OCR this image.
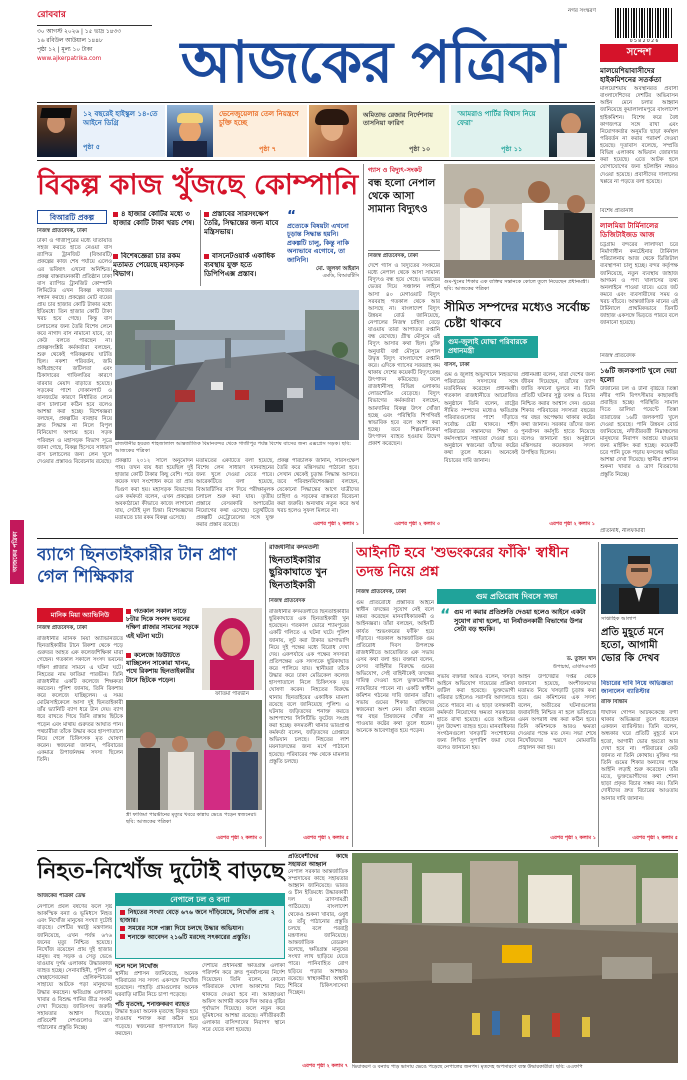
রোববার
৩০ আগস্ট ২০২৬ | ১৫ ভাদ্র ১৪৩৩
১৬ রবিউল আউয়াল ১৪৪৮
পৃষ্ঠা ১২ | মূল্য ১০ টাকা
www.ajkerpatrika.com	আজকের পত্রিকা
নগর সংস্করণ
0 5 8 2 0 2 6
১২ বছরেই হাইস্কুল ১৪-তে আইনে ডিগ্রি
পৃষ্ঠা ৫
ভেনেজুয়েলার তেল নিয়ন্ত্রণে চুক্তি হচ্ছে
পৃষ্ঠা ৭
অমিতাভ রেজার নির্দেশনায় তাসনিয়া ফারিণ
পৃষ্ঠা ১০
'আমরাও পার্টির বিশ্বাস নিয়ে ফেরা'
পৃষ্ঠা ১১
সন্দেশ
মালয়েশিয়াবাসীদের হাইকমিশনের সতর্কতা
মালয়েশিয়ায় অবস্থানরত প্রবাসী বাংলাদেশিদের দেশটির অভিবাসন আইন মেনে চলার আহ্বান জানিয়েছে কুয়ালালামপুরে বাংলাদেশ হাইকমিশন। বিশেষ করে বৈধ কাগজপত্র সঙ্গে রাখা এবং নিয়োগকর্তার অনুমতি ছাড়া কর্মস্থল পরিবর্তন না করার পরামর্শ দেওয়া হয়েছে। দূতাবাস বলেছে, সম্প্রতি বিভিন্ন এলাকায় অভিযান জোরদার করা হয়েছে। এতে আটক হলে যোগাযোগের জন্য হটলাইন নম্বরও দেওয়া হয়েছে। প্রবাসীদের দালালের খপ্পরে না পড়তে বলা হয়েছে।
বিশেষ প্রতিনিধি
লালমিয়া টার্মিনালের ডিজিটাইজড আজ
চট্টগ্রাম বন্দরের লালদিয়া চরে নির্মাণাধীন কনটেইনার টার্মিনাল পরিচালনায় আজ থেকে ডিজিটাল ব্যবস্থাপনা চালু হচ্ছে। বন্দর কর্তৃপক্ষ জানিয়েছে, নতুন ব্যবস্থায় জাহাজ আগমন ও পণ্য খালাসের তথ্য অনলাইনে পাওয়া যাবে। এতে জট কমবে এবং ব্যবসায়ীদের সময় ও খরচ বাঁচবে। আন্তর্জাতিক মানের এই টার্মিনালে প্রাথমিকভাবে তিনটি জাহাজ একসঙ্গে ভিড়তে পারবে বলে জানানো হয়েছে।
নিজস্ব প্রতিবেদক
১৬টি জলকপাট খুলে দেয়া হলো
উজানের ঢল ও টানা বৃষ্টিতে তিস্তা নদীর পানি বিপৎসীমার কাছাকাছি প্রবাহিত হচ্ছে। পরিস্থিতি সামাল দিতে ডালিয়া পয়েন্টে তিস্তা ব্যারাজের ১৬টি জলকপাট খুলে দেওয়া হয়েছে। পানি উন্নয়ন বোর্ড জানিয়েছে, নদীতীরবর্তী নিম্নাঞ্চলের মানুষদের নিরাপদ আশ্রয়ে যাওয়ার জন্য মাইকিং করা হচ্ছে। কয়েকটি চরে পানি ঢুকে পড়ায় ফসলের ক্ষতির আশঙ্কা দেখা দিয়েছে। স্থানীয় প্রশাসন শুকনা খাবার ও ত্রাণ বিতরণের প্রস্তুতি নিচ্ছে।
প্রতিনিধি, নীলফামারী
আজকের পত্রিকা
বিকল্প কাজ খুঁজছে কোম্পানি
বিআরটি প্রকল্প
নিজস্ব প্রতিবেদক, ঢাকা
৪ হাজার কোটির মধ্যে ৩ হাজার কোটি টাকা খরচ শেষ।
বিশেষজ্ঞেরা চার রকম মতামত পেয়েছে মহাসড়ক বিভাগ।
প্রস্তাবের সারসংক্ষেপ তৈরি, সিদ্ধান্তের জন্য যাবে মন্ত্রিসভায়।
বাসনেটওয়ার্ক একাধিক ব্যবস্থায় যুক্ত হতে ডিপিপিএক্স প্রস্তাব।
“
প্রত্যেকে বিষয়টা এখনো চূড়ান্ত সিদ্ধান্ত হয়নি। প্রকল্পটি চালু, কিন্তু নাকি অন্যভাবে এগোবে, তা জানিনি।
মো. জুলফা আইরান
এমডি, বিআরটিসি
ঢাকা ও গাজীপুরের মধ্যে যাতায়াত সহজ করতে হাতে নেওয়া বাস র‍্যাপিড ট্রানজিট (বিআরটি) প্রকল্পের কাজ শেষ পর্যায়ে এলেও এর ভবিষ্যৎ এখনো অনিশ্চিত। প্রকল্প বাস্তবায়নকারী প্রতিষ্ঠান ঢাকা বাস র‍্যাপিড ট্রানজিট কোম্পানি লিমিটেড এখন বিকল্প কাজের সন্ধান করছে। প্রকল্পের মোট ব্যয়ের প্রায় চার হাজার কোটি টাকার মধ্যে ইতিমধ্যে তিন হাজার কোটি টাকা খরচ হয়ে গেছে। কিন্তু বাস চলাচলের জন্য তৈরি বিশেষ লেনে কবে নাগাদ বাস নামানো যাবে, তা কেউ বলতে পারছেন না। প্রকল্পসংশ্লিষ্ট কর্মকর্তারা বলছেন, শুরু থেকেই পরিকল্পনায় ঘাটতি ছিল। নকশা পরিবর্তন, জমি অধিগ্রহণের জটিলতা এবং ঠিকাদারের গাফিলতির কারণে বারবার মেয়াদ বাড়াতে হয়েছে। সড়কের পাশে দোকানপাট ও যানজটের কারণে নির্ধারিত লেনে বাস চালানো কঠিন হবে বলেও আশঙ্কা করা হচ্ছে। বিশেষজ্ঞরা বলছেন, প্রকল্পটির ব্যবহার নিয়ে দ্রুত সিদ্ধান্ত না নিলে বিপুল বিনিয়োগ অপচয় হবে। সড়ক পরিবহন ও মহাসড়ক বিভাগ সূত্রে জানা গেছে, বিকল্প হিসেবে সাধারণ বাস চলাচলের জন্য লেন খুলে দেওয়ার প্রস্তাবও বিবেচনায় রয়েছে।
রাজধানীর হযরত শাহজালাল আন্তর্জাতিক বিমানবন্দর থেকে গাজীপুর পর্যন্ত বিশেষ বাসের জন্য এক্সপ্রেস সড়ক। ছবি: আজকের পত্রিকা
প্রকল্পটি ২০১২ সালে অনুমোদন পায়। তখন ব্যয় ধরা হয়েছিল দুই হাজার কোটি টাকার কিছু বেশি। পরে কয়েক দফা সংশোধন করে তা প্রায় দ্বিগুণ করা হয়। মহাসড়ক বিভাগের এক কর্মকর্তা বলেন, এখন প্রকল্পের অবকাঠামো কীভাবে কাজে লাগানো যায়, সেটাই মূল চিন্তা। বিশেষজ্ঞদের মতামতে চার রকম বিকল্প এসেছে।
মতামতের একটিতে বলা হয়েছে, বিশেষ লেন সাধারণ যানবাহনের জন্য খুলে দেওয়া যেতে পারে। আরেকটিতে বলা হয়েছে, বিআরটিসির বাস দিয়ে পরীক্ষামূলক চলাচল শুরু করা যায়। তৃতীয় প্রস্তাবে বেসরকারি অপারেটর নিয়োগের কথা এসেছে। চতুর্থটিতে প্রকল্পটি মেট্রোরেলের সঙ্গে যুক্ত করার প্রস্তাব রয়েছে।
প্রকল্প পরিচালক জানান, সারসংক্ষেপ তৈরি করে মন্ত্রিসভায় পাঠানো হবে। সেখান থেকেই চূড়ান্ত সিদ্ধান্ত আসবে। তবে পরিবহনবিশেষজ্ঞরা বলছেন, যেকোনো সিদ্ধান্তের আগে যাত্রীদের চাহিদা ও সড়কের বাস্তবতা বিবেচনা করা জরুরি। অন্যথায় নতুন করে অর্থ খরচ হলেও সুফল মিলবে না।
এরপর পৃষ্ঠা ২ কলাম ১
গ্যাস ও বিদ্যুৎ-সংকট
বন্ধ হলো নেপাল থেকে আসা সামান্য বিদ্যুৎও
নিজস্ব প্রতিবেদক, ঢাকা
দেশে গ্যাস ও বিদ্যুতের সংকটের মধ্যে নেপাল থেকে আসা সামান্য বিদ্যুৎও বন্ধ হয়ে গেছে। ভারতের ভেতর দিয়ে সঞ্চালন লাইনে আসা ৪০ মেগাওয়াট বিদ্যুৎ সরবরাহ গতকাল থেকে আর আসছে না। বাংলাদেশ বিদ্যুৎ উন্নয়ন বোর্ড জানিয়েছে, নেপালের নিজস্ব চাহিদা বেড়ে যাওয়ায় তারা আপাতত রপ্তানি বন্ধ রেখেছে। গ্রীষ্ম মৌসুমে এই বিদ্যুৎ আসার কথা ছিল। চুক্তি অনুযায়ী বর্ষা মৌসুমে নেপাল উদ্বৃত্ত বিদ্যুৎ বাংলাদেশে রপ্তানি করে। এদিকে গ্যাসের সরবরাহ কম থাকায় দেশের কয়েকটি বিদ্যুৎকেন্দ্র উৎপাদন কমিয়েছে। ফলে রাজধানীসহ বিভিন্ন এলাকায় লোডশেডিং বেড়েছে। বিদ্যুৎ বিভাগের কর্মকর্তারা বলছেন, আমদানির বিকল্প উৎস খোঁজা হচ্ছে এবং পরিস্থিতি শিগগিরই স্বাভাবিক হবে বলে আশা করা হচ্ছে। তবে শিল্পমালিকেরা উৎপাদন ব্যাহত হওয়ায় উদ্বেগ প্রকাশ করেছেন।
এরপর পৃষ্ঠা ২ কলাম ৩
গুম-খুনের শিকার এক ব্যক্তির সন্তানকে কোলে তুলে নিয়েছেন প্রধানমন্ত্রী। ছবি: আজকের পত্রিকা
সীমিত সম্পদের মধ্যেও সর্বোচ্চ চেষ্টা থাকবে
গুম-জুলাই যোদ্ধা পরিবারকে প্রধানমন্ত্রী
বাসস, ঢাকা
গুম ও জুলাই অভ্যুত্থানে নিহতদের পরিবারের সদস্যদের সঙ্গে মতবিনিময় করেছেন প্রধানমন্ত্রী। গতকাল রাজধানীতে আয়োজিত অনুষ্ঠানে তিনি বলেন, রাষ্ট্রের সীমিত সম্পদের মধ্যেও ক্ষতিগ্রস্ত পরিবারগুলোর পাশে দাঁড়াতে সর্বোচ্চ চেষ্টা থাকবে। শহীদ পরিবারের সন্তানদের শিক্ষা ও কর্মসংস্থানে সহায়তা দেওয়া হবে। অনুষ্ঠানে স্বজনেরা তাঁদের কষ্টের কথা তুলে ধরেন। অনেকেই বিচারের দাবি জানান।
প্রধানমন্ত্রী বলেন, যাঁরা দেশের জন্য জীবন দিয়েছেন, তাঁদের ত্যাগ জাতি কখনো ভুলবে না। তিনি প্রতিটি ঘটনার সুষ্ঠু তদন্ত ও বিচার নিশ্চিত করার আশ্বাস দেন। গুমের শিকার পরিবারের সদস্যরা বছরের পর বছর অপেক্ষায় থাকার কষ্টের কথা জানান। সরকার তাঁদের জন্য পুনর্বাসন কর্মসূচি হাতে নিয়েছে বলেও জানানো হয়। অনুষ্ঠানে মন্ত্রিসভার কয়েকজন সদস্য উপস্থিত ছিলেন।
এরপর পৃষ্ঠা ২ কলাম ১
ব্যাগে ছিনতাইকারীর টান প্রাণ গেল শিক্ষিকার
মানিক মিয়া অ্যাভিনিউ
নিজস্ব প্রতিবেদক, ঢাকা
রাজধানীর মানিক মিয়া অ্যাভিনিউতে ছিনতাইকারীর টানে রিকশা থেকে পড়ে গুরুতর আহত এক কলেজশিক্ষিকা মারা গেছেন। গতকাল সকালে সংসদ ভবনের দক্ষিণ প্লাজার সামনে এ ঘটনা ঘটে। নিহতের নাম ফাতিমা পারভীন। তিনি রাজধানীর একটি কলেজে শিক্ষকতা করতেন। পুলিশ জানায়, তিনি রিকশায় করে কলেজে যাচ্ছিলেন। এ সময় মোটরসাইকেলে আসা দুই ছিনতাইকারী তাঁর ভ্যানিটি ব্যাগ ধরে টান দেয়। ব্যাগ ধরে রাখতে গিয়ে তিনি রাস্তায় ছিটকে পড়েন এবং মাথায় গুরুতর আঘাত পান। পথচারীরা তাঁকে উদ্ধার করে হাসপাতালে নিয়ে গেলে চিকিৎসক মৃত ঘোষণা করেন। স্বজনেরা জানান, পরিবারের একমাত্র উপার্জনক্ষম সদস্য ছিলেন তিনি।
গতকাল সকাল সাড়ে ৮টার দিকে সংসদ ভবনের দক্ষিণ প্লাজার সামনের সড়কে এই ঘটনা ঘটে।
কলেজে ডিউটিতে যাচ্ছিলেন সাকোরা খানম, পথে রিকশায় ছিনতাইকারীর টানে ছিটকে পড়েন।
ফাতিমা পারভীন
স্ত্রী ফাতিমা পারভীনের মৃত্যুর খবরে কান্নায় ভেঙে পড়েন স্বজনেরা। ছবি: আজকের পত্রিকা
এরপর পৃষ্ঠা ২ কলাম ৩
রাজধানীর কদমতলী
ছিনতাইকারীর ছুরিকাঘাতে খুন ছিনতাইকারী
নিজস্ব প্রতিবেদক
রাজধানীর কদমতলীতে ছিনতাইকারীর ছুরিকাঘাতে এক ছিনতাইকারী খুন হয়েছেন। গতকাল ভোরে শ্যামপুরের একটি গলিতে এ ঘটনা ঘটে। পুলিশ জানায়, লুট করা টাকার ভাগাভাগি নিয়ে দুই পক্ষের মধ্যে বিরোধ দেখা দেয়। একপর্যায়ে এক পক্ষের সদস্যরা প্রতিপক্ষের এক সদস্যকে ছুরিকাঘাত করে পালিয়ে যায়। স্থানীয়রা তাঁকে উদ্ধার করে ঢাকা মেডিকেল কলেজ হাসপাতালে নিলে চিকিৎসক মৃত ঘোষণা করেন। নিহতের বিরুদ্ধে থানায় ছিনতাইয়ের একাধিক মামলা রয়েছে বলে জানিয়েছে পুলিশ। এ ঘটনায় জড়িতদের শনাক্ত করতে আশপাশের সিসিটিভি ফুটেজ সংগ্রহ করা হচ্ছে। কদমতলী থানার ভারপ্রাপ্ত কর্মকর্তা বলেন, জড়িতদের গ্রেপ্তারে অভিযান চলছে। নিহতের লাশ ময়নাতদন্তের জন্য মর্গে পাঠানো হয়েছে। পরিবারের পক্ষ থেকে মামলার প্রস্তুতি চলছে।
এরপর পৃষ্ঠা ২ কলাম ৫
আইনটি হবে 'শুভংকরের ফাঁকি' স্বাধীন তদন্ত নিয়ে প্রশ্ন
নিজস্ব প্রতিবেদক, ঢাকা
গুম প্রতিরোধে প্রস্তাবিত আইনে স্বাধীন তদন্তের সুযোগ নেই বলে মন্তব্য করেছেন মানবাধিকারকর্মী ও আইনজ্ঞরা। তাঁরা বলছেন, আইনটি কার্যত 'শুভংকরের ফাঁকি' হয়ে দাঁড়াবে। গতকাল আন্তর্জাতিক গুম প্রতিরোধ দিবস উপলক্ষে রাজধানীতে আয়োজিত এক সভায় এসব কথা বলা হয়। বক্তারা বলেন, যেসব বাহিনীর বিরুদ্ধে গুমের অভিযোগ, সেই বাহিনীকেই তদন্তের দায়িত্ব দেওয়া হলে ভুক্তভোগীরা ন্যায়বিচার পাবেন না। একটি স্বাধীন কমিশন গঠনের দাবি জানান তাঁরা। সভায় গুমের শিকার ব্যক্তিদের স্বজনেরা অংশ নেন। তাঁরা বছরের পর বছর প্রিয়জনের খোঁজ না পাওয়ার কষ্টের কথা তুলে ধরেন। অনেকে আবেগাপ্লুত হয়ে পড়েন।
গুম প্রতিরোধ দিবসে সভা
“ গুম না করার প্রতিশ্রুতি দেওয়া হলেও আইনে একটা সুযোগ রাখা হলো, যা নির্যাতনকারী বিভাগের উপর সেটা বড় হুমকি।
ড. তুহিন খান
উপাচার্য, এবিসিএসটি
সভায় বক্তারা আরও বলেন, খসড়া আইনে অভিযোগ দায়েরের প্রক্রিয়া জটিল করা হয়েছে। ভুক্তভোগী পরিবার চাইলেও সরাসরি আদালতে যেতে পারবে না। এ ছাড়া তদন্তকারী কর্মকর্তা নিয়োগের ক্ষমতা সরকারের হাতে রাখা হয়েছে। এতে আইনের মূল উদ্দেশ্য ব্যাহত হবে। মানবাধিকার সংগঠনগুলো খসড়াটি সংশোধনের জন্য লিখিত সুপারিশ জমা দেবে বলেও জানানো হয়।
আইন উপদেষ্টার দপ্তর থেকে জানানো হয়েছে, অংশীজনদের মতামত নিয়ে খসড়াটি চূড়ান্ত করা হবে। গুম কমিশনের এক সদস্য বলেন, অতীতের ঘটনাগুলোর জবাবদিহি নিশ্চিত না হলে ভবিষ্যতে এমন অপরাধ বন্ধ করা কঠিন হবে। তিনি কমিশনকে আরও ক্ষমতা দেওয়ার পক্ষে মত দেন। সভা শেষে নিখোঁজদের স্মরণে মোমবাতি প্রজ্বালন করা হয়।
এরপর পৃষ্ঠা ২ কলাম ১
সাপ্তাহিক আলাপ
প্রতি মুহূর্তে মনে হতো, আগামী ভোর কি দেখব
বিচারের দাবি নিয়ে অভিজ্ঞতা জানালেন ব্যারিস্টার
রাফি বিন্তিমি
দীর্ঘদিন গোপন আটককেন্দ্রে বন্দী থাকার অভিজ্ঞতা তুলে ধরেছেন একজন ব্যারিস্টার। তিনি বলেন, অন্ধকার ঘরে প্রতিটি মুহূর্তে মনে হতো, আগামী ভোর হয়তো আর দেখা হবে না। পরিবারের কেউ জানত না তিনি কোথায়। মুক্তির পর তিনি গুমের শিকার অন্যদের পক্ষে আইনি লড়াই শুরু করেছেন। তাঁর মতে, ভুক্তভোগীদের কথা শোনা ছাড়া প্রকৃত বিচার সম্ভব নয়। তিনি দোষীদের দ্রুত বিচারের আওতায় আনার দাবি জানান।
এরপর পৃষ্ঠা ২ কলাম ৫
নিহত-নিখোঁজ দুটোই বাড়ছে
আজকের পত্রিকা ডেস্ক
নেপালে প্রবল বর্ষণের ফলে সৃষ্ট আকস্মিক বন্যা ও ভূমিধসে নিহত এবং নিখোঁজ মানুষের সংখ্যা দুটোই বাড়ছে। দেশটির স্বরাষ্ট্র মন্ত্রণালয় জানিয়েছে, এখন পর্যন্ত ৬৭৬ জনের মৃত্যু নিশ্চিত হয়েছে। নিখোঁজ রয়েছেন প্রায় দুই হাজার মানুষ। বহু সড়ক ও সেতু ভেঙে যাওয়ায় দুর্গম এলাকায় উদ্ধারকাজ ব্যাহত হচ্ছে। সেনাবাহিনী, পুলিশ ও স্বেচ্ছাসেবকেরা হেলিকপ্টারের সাহায্যে আটকে পড়া মানুষদের উদ্ধার করছেন। ক্ষতিগ্রস্ত এলাকায় খাবার ও বিশুদ্ধ পানির তীব্র সংকট দেখা দিয়েছে। জাতিসংঘ জরুরি সহায়তার আশ্বাস দিয়েছে। প্রতিবেশী দেশগুলোও ত্রাণ পাঠানোর প্রস্তুতি নিচ্ছে।
নেপালে ঢল ও বন্যা
নিহতের সংখ্যা বেড়ে ৬৭৬ জনে দাঁড়িয়েছে, নিখোঁজ প্রায় ২ হাজার।
সময়ের সঙ্গে পাল্লা দিয়ে চলছে উদ্ধার অভিযান।
শনাক্তে আবেদন ২১৬টি মরদেহ সৎকারের প্রস্তুতি।
দলে দলে নিখোঁজ
স্থানীয় প্রশাসন জানিয়েছে, অনেক পরিবারের সব সদস্য একসঙ্গে নিখোঁজ হয়েছেন। পাহাড়ি গ্রামগুলোর অনেক ঘরবাড়ি মাটির নিচে চাপা পড়েছে।
পাঁচ মৃতদেহ, শনাক্তকরণ ব্যাহত
উদ্ধার হওয়া অনেক মৃতদেহ বিকৃত হয়ে যাওয়ায় শনাক্ত করা কঠিন হয়ে পড়েছে। স্বজনেরা হাসপাতালে ভিড় করছেন।
দেশটির প্রধানমন্ত্রী ক্ষতিগ্রস্ত এলাকা পরিদর্শন করে দ্রুত পুনর্বাসনের নির্দেশ দিয়েছেন। তিনি বলেন, কোনো পরিবারকে খোলা আকাশের নিচে থাকতে দেওয়া হবে না। আবহাওয়া অফিস আগামী কয়েক দিন আরও বৃষ্টির পূর্বাভাস দিয়েছে। ফলে নতুন করে ভূমিধসের আশঙ্কা রয়েছে। নদীতীরবর্তী এলাকার বাসিন্দাদের নিরাপদ স্থানে সরে যেতে বলা হয়েছে।
প্রতিবেশীদের কাছে সহায়তা আহ্বান
নেপাল সরকার আন্তর্জাতিক সম্প্রদায়ের কাছে সহায়তার আহ্বান জানিয়েছে। ভারত ও চীন ইতিমধ্যে উদ্ধারকারী দল ও ত্রাণসামগ্রী পাঠিয়েছে। বাংলাদেশ থেকেও শুকনা খাবার, ওষুধ ও তাঁবু পাঠানোর প্রস্তুতি চলছে বলে পররাষ্ট্র মন্ত্রণালয় জানিয়েছে। আন্তর্জাতিক রেডক্রস বলেছে, ক্ষতিগ্রস্ত মানুষের সংখ্যা লাখ ছাড়িয়ে যেতে পারে। পানিবাহিত রোগ ছড়িয়ে পড়ার আশঙ্কাও রয়েছে। স্বাস্থ্যকর্মীরা অস্থায়ী শিবিরে চিকিৎসাসেবা দিচ্ছেন।
এরপর পৃষ্ঠা ২ কলাম ৭ ভিয়াকরণ ও বন্যায় পাড় ভাসায় ভেঙে পড়েছে নেপালের জনপদ। মৃতদেহ অপসারণে ব্যস্ত উদ্ধারকারীরা। ছবি: এএফপি
